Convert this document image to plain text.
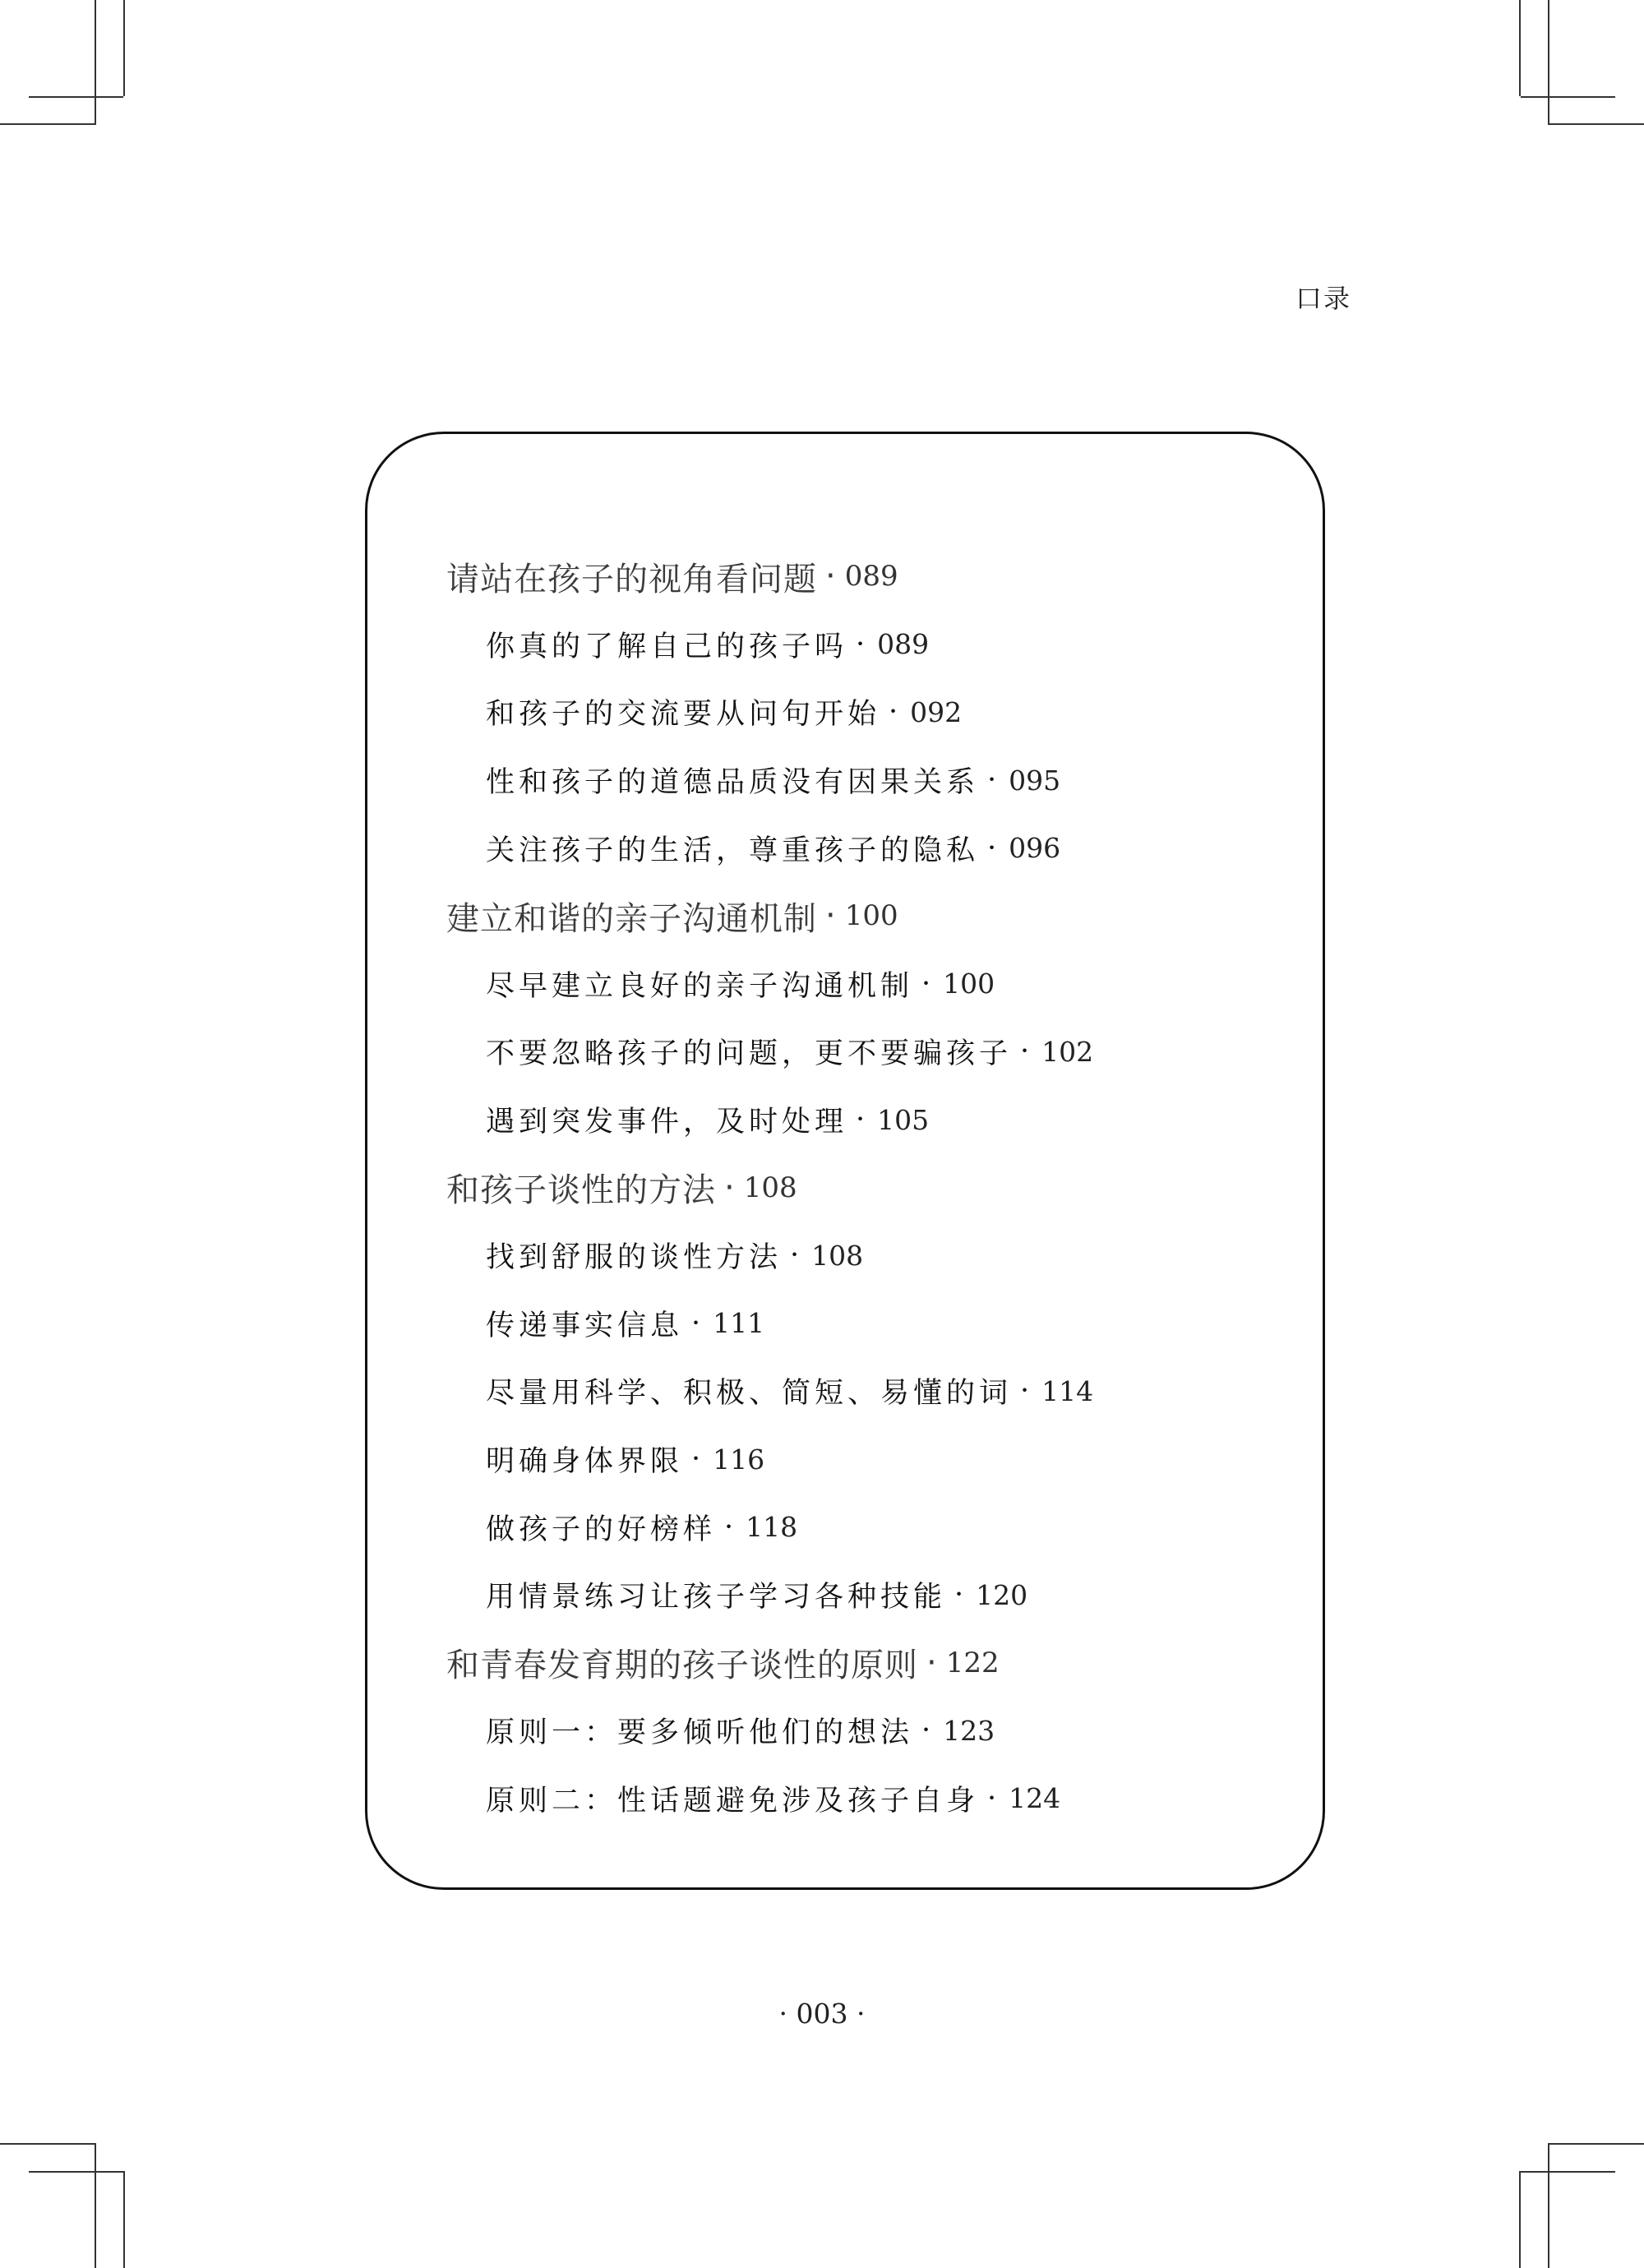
口录
请站在孩子的视角看问题 · 089
你真的了解自己的孩子吗 · 089
和孩子的交流要从问句开始 · 092
性和孩子的道德品质没有因果关系 · 095
关注孩子的生活，尊重孩子的隐私 · 096
建立和谐的亲子沟通机制 · 100
尽早建立良好的亲子沟通机制 · 100
不要忽略孩子的问题，更不要骗孩子 · 102
遇到突发事件，及时处理 · 105
和孩子谈性的方法 · 108
找到舒服的谈性方法 · 108
传递事实信息 · 111
尽量用科学、积极、简短、易懂的词 · 114
明确身体界限 · 116
做孩子的好榜样 · 118
用情景练习让孩子学习各种技能 · 120
和青春发育期的孩子谈性的原则 · 122
原则一：要多倾听他们的想法 · 123
原则二：性话题避免涉及孩子自身 · 124
· 003 ·
